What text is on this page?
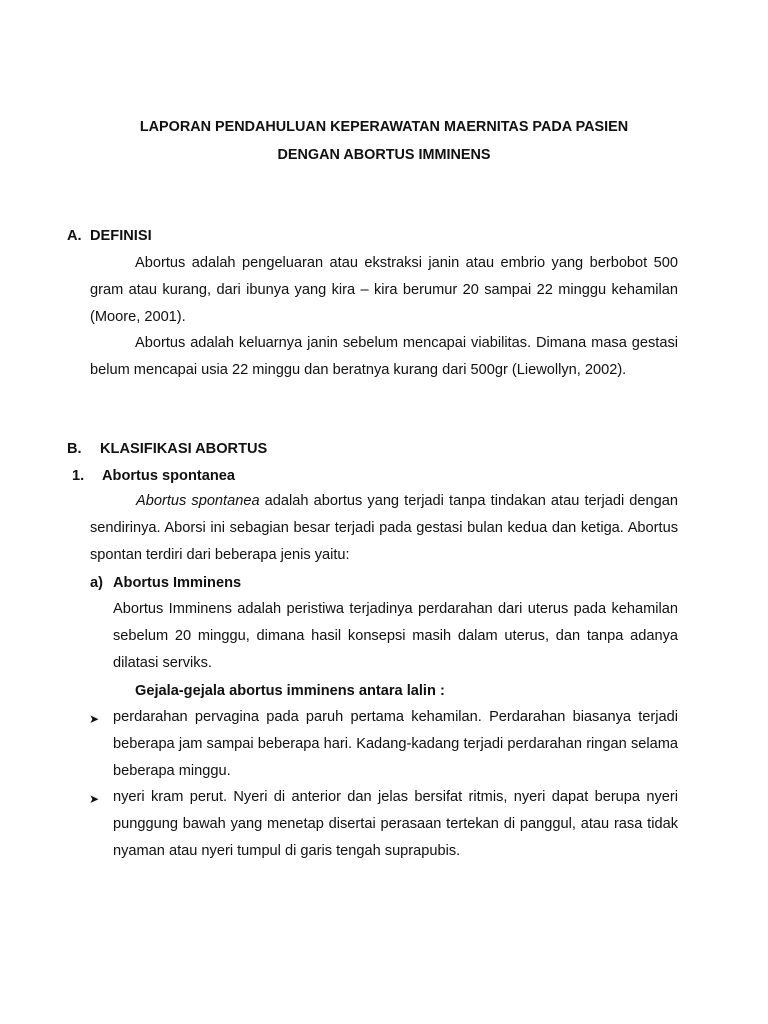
LAPORAN PENDAHULUAN KEPERAWATAN MAERNITAS PADA PASIEN
DENGAN ABORTUS IMMINENS
A. DEFINISI

Abortus adalah pengeluaran atau ekstraksi janin atau embrio yang berbobot 500 gram atau kurang, dari ibunya yang kira – kira berumur 20 sampai 22 minggu kehamilan (Moore, 2001).

Abortus adalah keluarnya janin sebelum mencapai viabilitas. Dimana masa gestasi belum mencapai usia 22 minggu dan beratnya kurang dari 500gr (Liewollyn, 2002).

B. KLASIFIKASI ABORTUS
1. Abortus spontanea

Abortus spontanea adalah abortus yang terjadi tanpa tindakan atau terjadi dengan sendirinya. Aborsi ini sebagian besar terjadi pada gestasi bulan kedua dan ketiga. Abortus spontan terdiri dari beberapa jenis yaitu:

a) Abortus Imminens

Abortus Imminens adalah peristiwa terjadinya perdarahan dari uterus pada kehamilan sebelum 20 minggu, dimana hasil konsepsi masih dalam uterus, dan tanpa adanya dilatasi serviks.

Gejala-gejala abortus imminens antara lalin :
➤ perdarahan pervagina pada paruh pertama kehamilan. Perdarahan biasanya terjadi beberapa jam sampai beberapa hari. Kadang-kadang terjadi perdarahan ringan selama beberapa minggu.

➤ nyeri kram perut. Nyeri di anterior dan jelas bersifat ritmis, nyeri dapat berupa nyeri punggung bawah yang menetap disertai perasaan tertekan di panggul, atau rasa tidak nyaman atau nyeri tumpul di garis tengah suprapubis.
